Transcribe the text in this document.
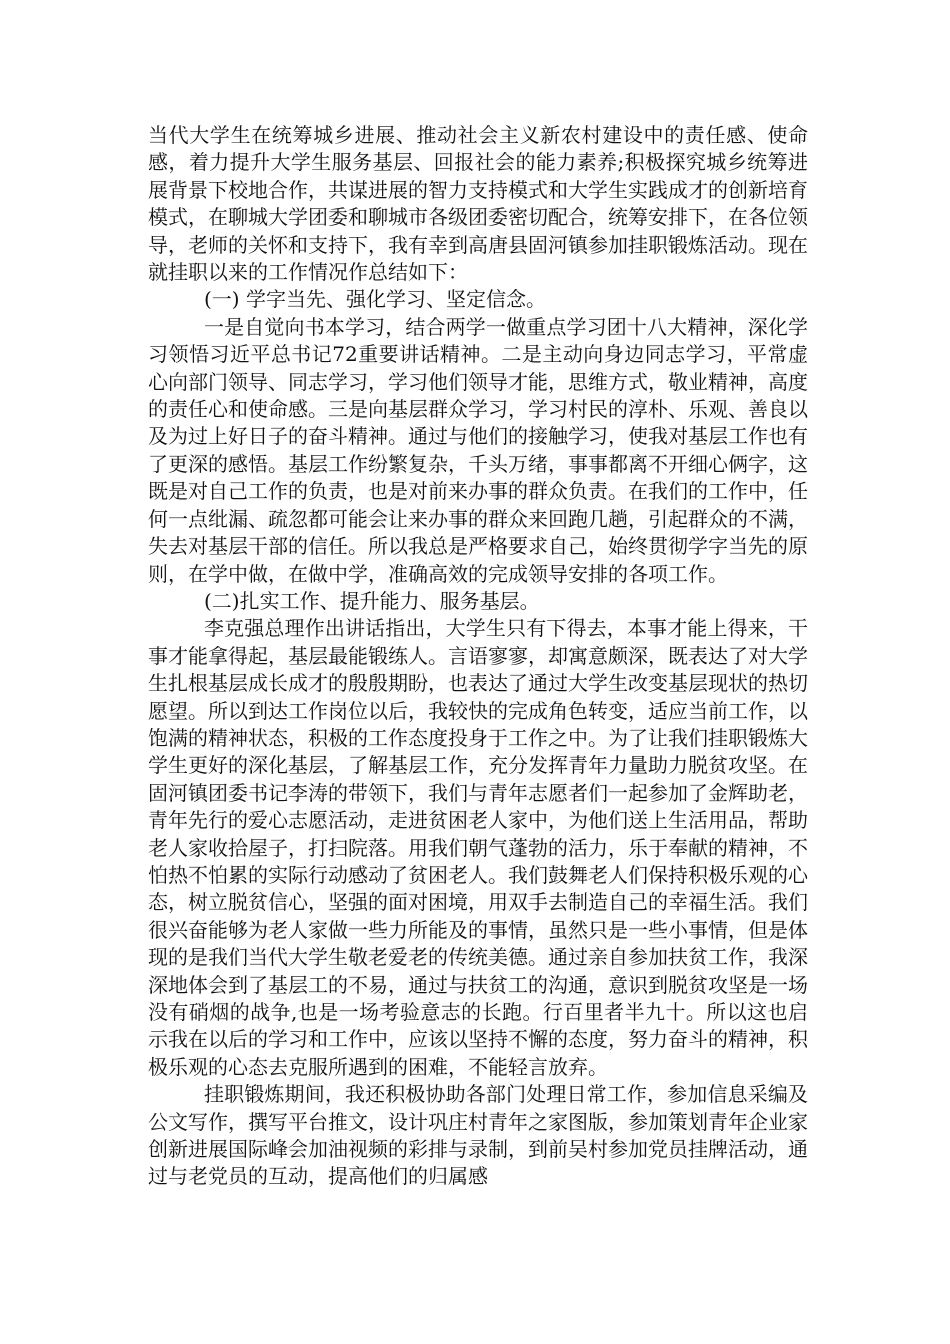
当代大学生在统筹城乡进展、推动社会主义新农村建设中的责任感、使命感，着力提升大学生服务基层、回报社会的能力素养;积极探究城乡统筹进展背景下校地合作，共谋进展的智力支持模式和大学生实践成才的创新培育模式，在聊城大学团委和聊城市各级团委密切配合，统筹安排下，在各位领导，老师的关怀和支持下，我有幸到高唐县固河镇参加挂职锻炼活动。现在就挂职以来的工作情况作总结如下：

(一) 学字当先、强化学习、坚定信念。

一是自觉向书本学习，结合两学一做重点学习团十八大精神，深化学习领悟习近平总书记72重要讲话精神。二是主动向身边同志学习，平常虚心向部门领导、同志学习，学习他们领导才能，思维方式，敬业精神，高度的责任心和使命感。三是向基层群众学习，学习村民的淳朴、乐观、善良以及为过上好日子的奋斗精神。通过与他们的接触学习，使我对基层工作也有了更深的感悟。基层工作纷繁复杂，千头万绪，事事都离不开细心俩字，这既是对自己工作的负责，也是对前来办事的群众负责。在我们的工作中，任何一点纰漏、疏忽都可能会让来办事的群众来回跑几趟，引起群众的不满，失去对基层干部的信任。所以我总是严格要求自己，始终贯彻学字当先的原则，在学中做，在做中学，准确高效的完成领导安排的各项工作。

(二)扎实工作、提升能力、服务基层。

李克强总理作出讲话指出，大学生只有下得去，本事才能上得来，干事才能拿得起，基层最能锻练人。言语寥寥，却寓意颇深，既表达了对大学生扎根基层成长成才的殷殷期盼，也表达了通过大学生改变基层现状的热切愿望。所以到达工作岗位以后，我较快的完成角色转变，适应当前工作，以饱满的精神状态，积极的工作态度投身于工作之中。为了让我们挂职锻炼大学生更好的深化基层，了解基层工作，充分发挥青年力量助力脱贫攻坚。在固河镇团委书记李涛的带领下，我们与青年志愿者们一起参加了金辉助老，青年先行的爱心志愿活动，走进贫困老人家中，为他们送上生活用品，帮助老人家收拾屋子，打扫院落。用我们朝气蓬勃的活力，乐于奉献的精神，不怕热不怕累的实际行动感动了贫困老人。我们鼓舞老人们保持积极乐观的心态，树立脱贫信心，坚强的面对困境，用双手去制造自己的幸福生活。我们很兴奋能够为老人家做一些力所能及的事情，虽然只是一些小事情，但是体现的是我们当代大学生敬老爱老的传统美德。通过亲自参加扶贫工作，我深深地体会到了基层工的不易，通过与扶贫工的沟通，意识到脱贫攻坚是一场没有硝烟的战争,也是一场考验意志的长跑。行百里者半九十。所以这也启示我在以后的学习和工作中，应该以坚持不懈的态度，努力奋斗的精神，积极乐观的心态去克服所遇到的困难，不能轻言放弃。

挂职锻炼期间，我还积极协助各部门处理日常工作，参加信息采编及公文写作，撰写平台推文，设计巩庄村青年之家图版，参加策划青年企业家创新进展国际峰会加油视频的彩排与录制，到前吴村参加党员挂牌活动，通过与老党员的互动，提高他们的归属感
